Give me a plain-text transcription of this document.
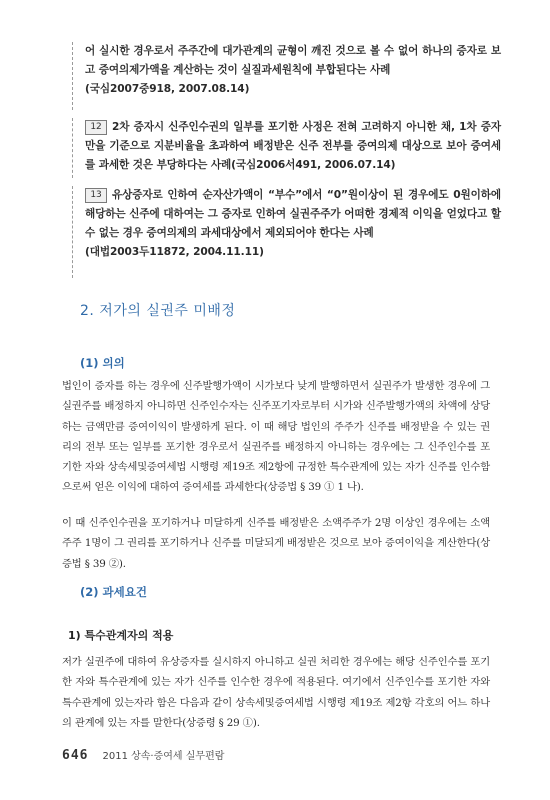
어 실시한 경우로서 주주간에 대가관계의 균형이 깨진 것으로 볼 수 없어 하나의 증자로 보고 증여의제가액을 계산하는 것이 실질과세원칙에 부합된다는 사례
(국심2007중918, 2007.08.14)
12 2차 증자시 신주인수권의 일부를 포기한 사정은 전혀 고려하지 아니한 채, 1차 증자만을 기준으로 지분비율을 초과하여 배정받은 신주 전부를 증여의제 대상으로 보아 증여세를 과세한 것은 부당하다는 사례(국심2006서491, 2006.07.14)
13 유상증자로 인하여 순자산가액이 “부수”에서 “0”원이상이 된 경우에도 0원이하에 해당하는 신주에 대하여는 그 증자로 인하여 실권주주가 어떠한 경제적 이익을 얻었다고 할 수 없는 경우 증여의제의 과세대상에서 제외되어야 한다는 사례
(대법2003두11872, 2004.11.11)
2. 저가의 실권주 미배정
(1) 의의

법인이 증자를 하는 경우에 신주발행가액이 시가보다 낮게 발행하면서 실권주가 발생한 경우에 그 실권주를 배정하지 아니하면 신주인수자는 신주포기자로부터 시가와 신주발행가액의 차액에 상당하는 금액만큼 증여이익이 발생하게 된다. 이 때 해당 법인의 주주가 신주를 배정받을 수 있는 권리의 전부 또는 일부를 포기한 경우로서 실권주를 배정하지 아니하는 경우에는 그 신주인수를 포기한 자와 상속세및증여세법 시행령 제19조 제2항에 규정한 특수관계에 있는 자가 신주를 인수함으로써 얻은 이익에 대하여 증여세를 과세한다(상증법 § 39 ① 1 나).

이 때 신주인수권을 포기하거나 미달하게 신주를 배정받은 소액주주가 2명 이상인 경우에는 소액주주 1명이 그 권리를 포기하거나 신주를 미달되게 배정받은 것으로 보아 증여이익을 계산한다(상증법 § 39 ②).

(2) 과세요건
1) 특수관계자의 적용

저가 실권주에 대하여 유상증자를 실시하지 아니하고 실권 처리한 경우에는 해당 신주인수를 포기한 자와 특수관계에 있는 자가 신주를 인수한 경우에 적용된다. 여기에서 신주인수를 포기한 자와 특수관계에 있는자라 함은 다음과 같이 상속세및증여세법 시행령 제19조 제2항 각호의 어느 하나의 관계에 있는 자를 말한다(상증령 § 29 ①).

646 2011 상속·증여세 실무편람
